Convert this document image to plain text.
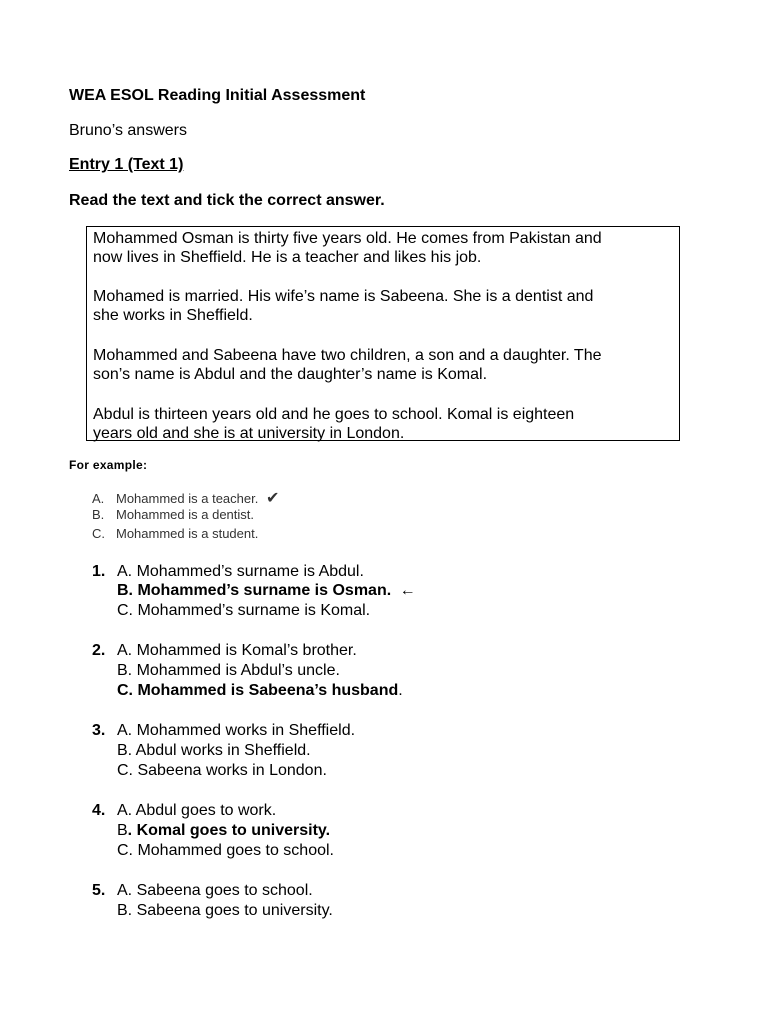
WEA ESOL Reading Initial Assessment
Bruno’s answers
Entry 1 (Text 1)
Read the text and tick the correct answer.
Mohammed Osman is thirty five years old. He comes from Pakistan and
now lives in Sheffield. He is a teacher and likes his job.
Mohamed is married. His wife’s name is Sabeena. She is a dentist and
she works in Sheffield.
Mohammed and Sabeena have two children, a son and a daughter. The
son’s name is Abdul and the daughter’s name is Komal.
Abdul is thirteen years old and he goes to school. Komal is eighteen
years old and she is at university in London.
For example:
A. Mohammed is a teacher. ✔
B. Mohammed is a dentist.
C. Mohammed is a student.
1. A. Mohammed’s surname is Abdul.
B. Mohammed’s surname is Osman. ←
C. Mohammed’s surname is Komal.
2. A. Mohammed is Komal’s brother.
B. Mohammed is Abdul’s uncle.
C. Mohammed is Sabeena’s husband.
3. A. Mohammed works in Sheffield.
B. Abdul works in Sheffield.
C. Sabeena works in London.
4. A. Abdul goes to work.
B. Komal goes to university.
C. Mohammed goes to school.
5. A. Sabeena goes to school.
B. Sabeena goes to university.
